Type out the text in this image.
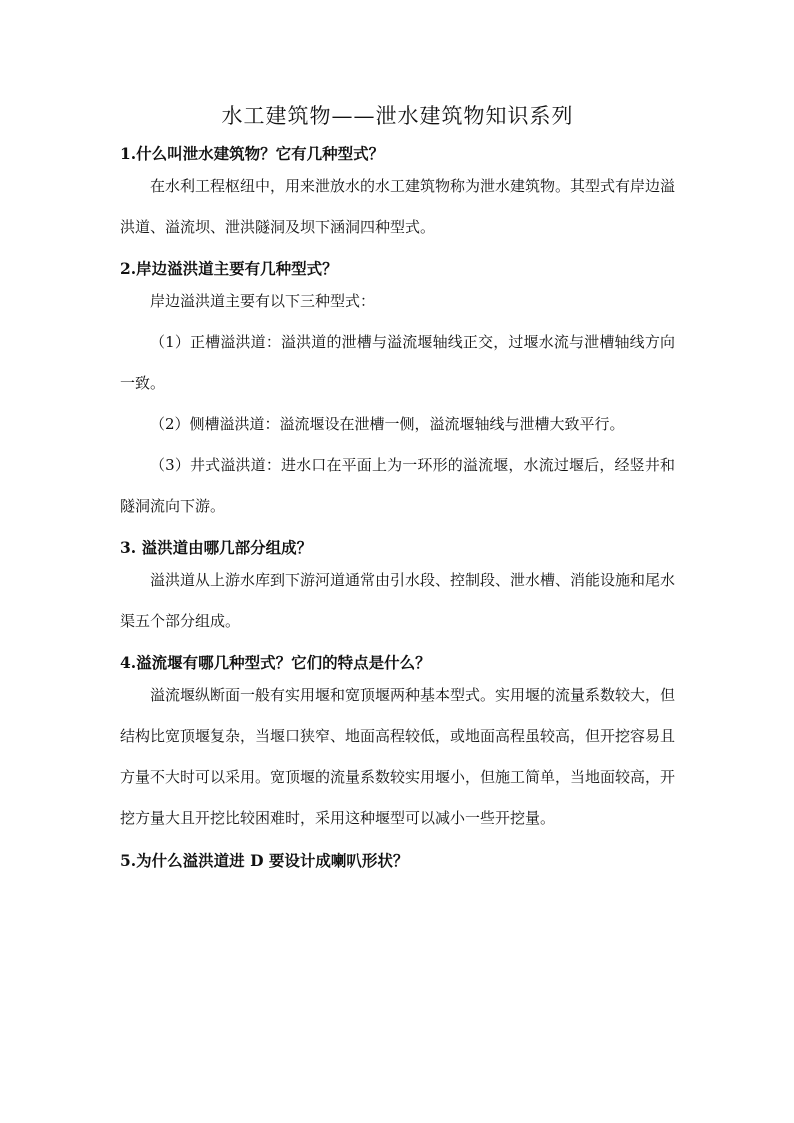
水工建筑物——泄水建筑物知识系列

1.什么叫泄水建筑物？它有几种型式？

在水利工程枢纽中，用来泄放水的水工建筑物称为泄水建筑物。其型式有岸边溢洪道、溢流坝、泄洪隧洞及坝下涵洞四种型式。

2.岸边溢洪道主要有几种型式？

岸边溢洪道主要有以下三种型式：

（1）正槽溢洪道：溢洪道的泄槽与溢流堰轴线正交，过堰水流与泄槽轴线方向一致。

（2）侧槽溢洪道：溢流堰设在泄槽一侧，溢流堰轴线与泄槽大致平行。

（3）井式溢洪道：进水口在平面上为一环形的溢流堰，水流过堰后，经竖井和隧洞流向下游。

3. 溢洪道由哪几部分组成？

溢洪道从上游水库到下游河道通常由引水段、控制段、泄水槽、消能设施和尾水渠五个部分组成。

4.溢流堰有哪几种型式？它们的特点是什么？

溢流堰纵断面一般有实用堰和宽顶堰两种基本型式。实用堰的流量系数较大，但结构比宽顶堰复杂，当堰口狭窄、地面高程较低，或地面高程虽较高，但开挖容易且方量不大时可以采用。宽顶堰的流量系数较实用堰小，但施工简单，当地面较高，开挖方量大且开挖比较困难时，采用这种堰型可以减小一些开挖量。

5.为什么溢洪道进 D 要设计成喇叭形状？
